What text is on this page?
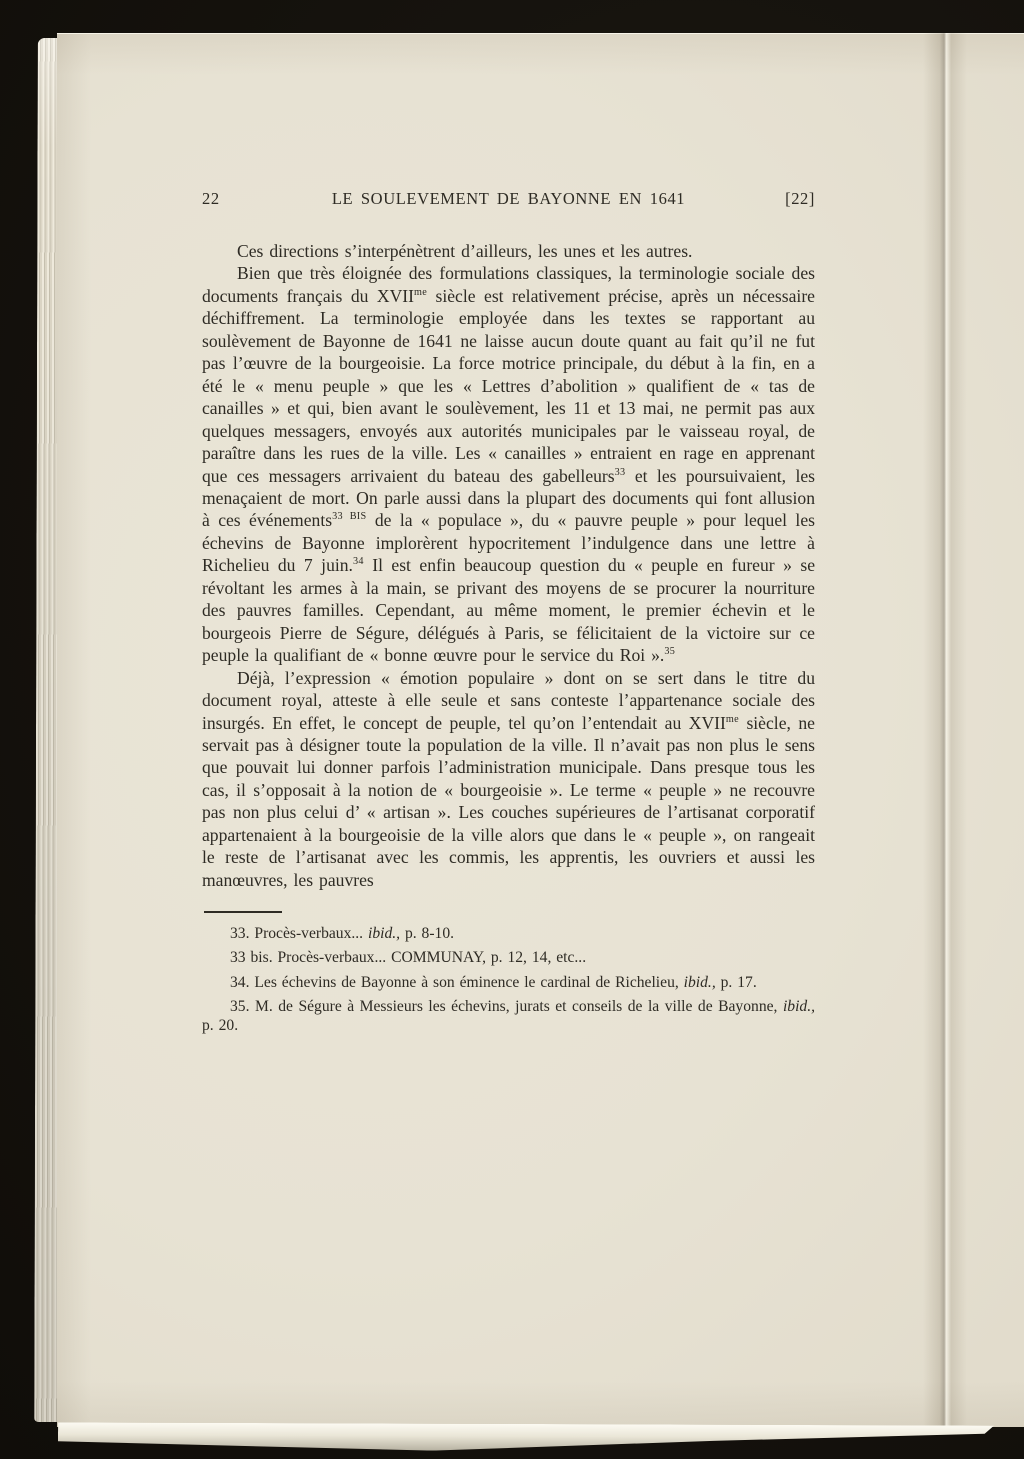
22	LE SOULEVEMENT DE BAYONNE EN 1641	[22]

Ces directions s’interpénètrent d’ailleurs, les unes et les autres.

Bien que très éloignée des formulations classiques, la terminologie sociale des documents français du $XVII^{me}$ siècle est relativement précise, après un nécessaire déchiffrement. La terminologie employée dans les textes se rapportant au soulèvement de Bayonne de 1641 ne laisse aucun doute quant au fait qu’il ne fut pas l’œuvre de la bourgeoisie. La force motrice principale, du début à la fin, en a été le « menu peuple » que les « Lettres d’abolition » qualifient de « tas de canailles » et qui, bien avant le soulèvement, les 11 et 13 mai, ne permit pas aux quelques messagers, envoyés aux autorités municipales par le vaisseau royal, de paraître dans les rues de la ville. Les « canailles » entraient en rage en apprenant que ces messagers arrivaient du bateau des gabelleurs$^{33}$ et les poursuivaient, les menaçaient de mort. On parle aussi dans la plupart des documents qui font allusion à ces événements$^{33 BIS}$ de la « populace », du « pauvre peuple » pour lequel les échevins de Bayonne implorèrent hypocritement l’indulgence dans une lettre à Richelieu du 7 juin.$^{34}$ Il est enfin beaucoup question du « peuple en fureur » se révoltant les armes à la main, se privant des moyens de se procurer la nourriture des pauvres familles. Cependant, au même moment, le premier échevin et le bourgeois Pierre de Ségure, délégués à Paris, se félicitaient de la victoire sur ce peuple la qualifiant de « bonne œuvre pour le service du Roi ».$^{35}$

Déjà, l’expression « émotion populaire » dont on se sert dans le titre du document royal, atteste à elle seule et sans conteste l’appartenance sociale des insurgés. En effet, le concept de peuple, tel qu’on l’entendait au $XVII^{me}$ siècle, ne servait pas à désigner toute la population de la ville. Il n’avait pas non plus le sens que pouvait lui donner parfois l’administration municipale. Dans presque tous les cas, il s’opposait à la notion de « bourgeoisie ». Le terme « peuple » ne recouvre pas non plus celui d’ « artisan ». Les couches supérieures de l’artisanat corporatif appartenaient à la bourgeoisie de la ville alors que dans le « peuple », on rangeait le reste de l’artisanat avec les commis, les apprentis, les ouvriers et aussi les manœuvres, les pauvres

33. Procès-verbaux... ibid., p. 8-10.

33 bis. Procès-verbaux... COMMUNAY, p. 12, 14, etc...

34. Les échevins de Bayonne à son éminence le cardinal de Richelieu, ibid., p. 17.

35. M. de Ségure à Messieurs les échevins, jurats et conseils de la ville de Bayonne, ibid., p. 20.
